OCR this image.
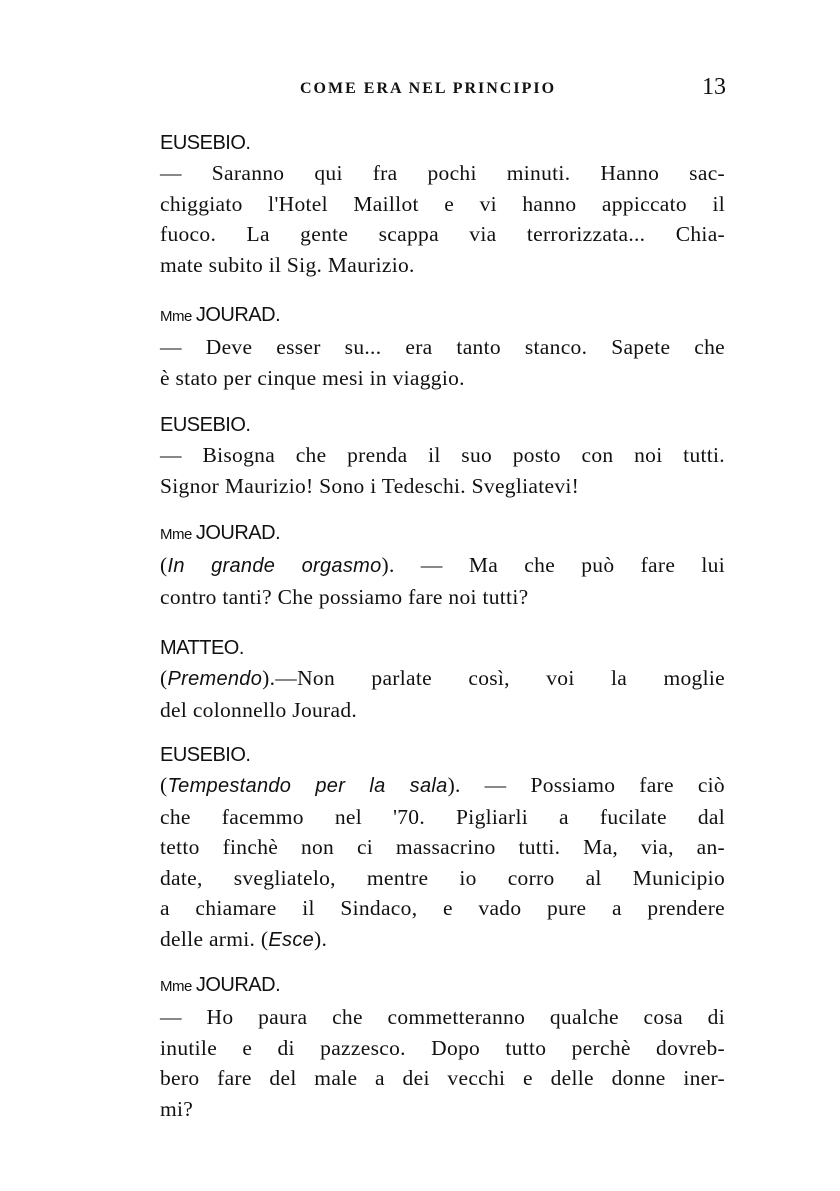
COME ERA NEL PRINCIPIO	13
EUSEBIO.
— Saranno qui fra pochi minuti. Hanno sac-
chiggiato l'Hotel Maillot e vi hanno appiccato il
fuoco. La gente scappa via terrorizzata... Chia-
mate subito il Sig. Maurizio.
Mme JOURAD.
— Deve esser su... era tanto stanco. Sapete che
è stato per cinque mesi in viaggio.
EUSEBIO.
— Bisogna che prenda il suo posto con noi tutti.
Signor Maurizio! Sono i Tedeschi. Svegliatevi!
Mme JOURAD.
(In grande orgasmo). — Ma che può fare lui
contro tanti? Che possiamo fare noi tutti?
MATTEO.
(Premendo).—Non parlate così, voi la moglie
del colonnello Jourad.
EUSEBIO.
(Tempestando per la sala). — Possiamo fare ciò
che facemmo nel '70. Pigliarli a fucilate dal
tetto finchè non ci massacrino tutti. Ma, via, an-
date, svegliatelo, mentre io corro al Municipio
a chiamare il Sindaco, e vado pure a prendere
delle armi. (Esce).
Mme JOURAD.
— Ho paura che commetteranno qualche cosa di
inutile e di pazzesco. Dopo tutto perchè dovreb-
bero fare del male a dei vecchi e delle donne iner-
mi?
